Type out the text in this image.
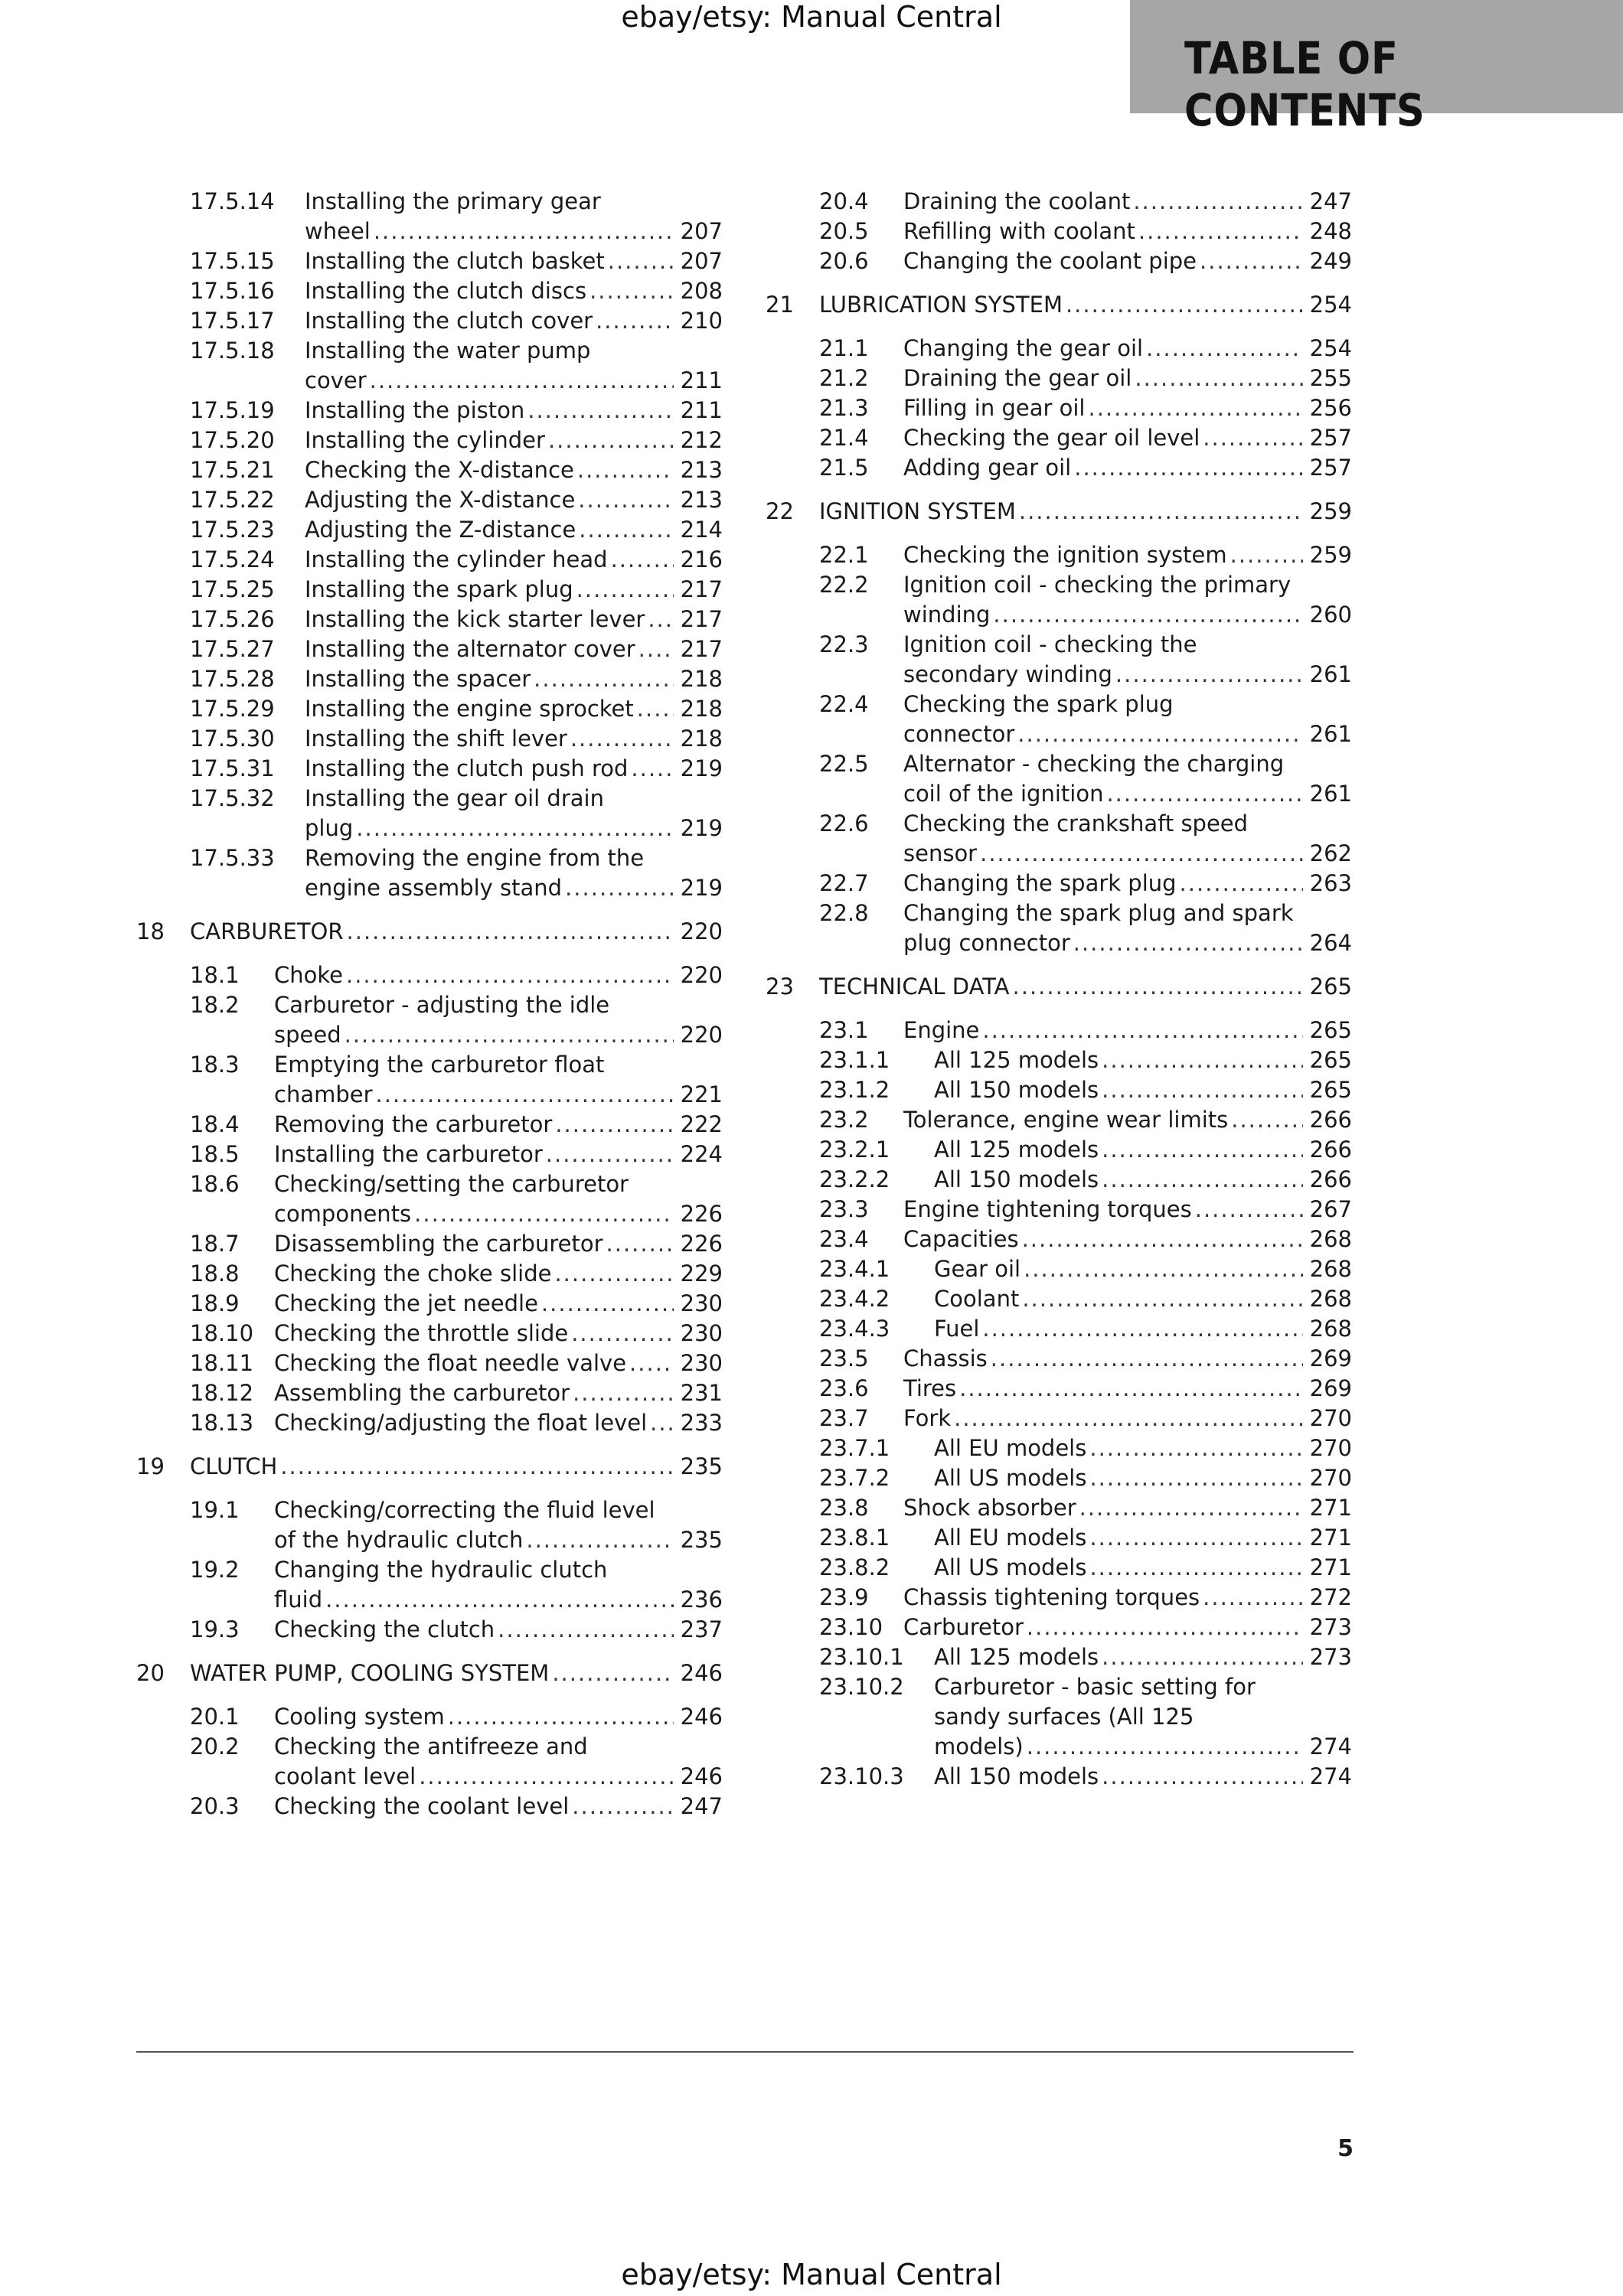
ebay/etsy: Manual Central
TABLE OF CONTENTS
17.5.14 Installing the primary gear
wheel .....	207
17.5.15 Installing the clutch basket .....	207
17.5.16 Installing the clutch discs .....	208
17.5.17 Installing the clutch cover .....	210
17.5.18 Installing the water pump
cover .....	211
17.5.19 Installing the piston .....	211
17.5.20 Installing the cylinder .....	212
17.5.21 Checking the X-distance .....	213
17.5.22 Adjusting the X-distance .....	213
17.5.23 Adjusting the Z-distance .....	214
17.5.24 Installing the cylinder head .....	216
17.5.25 Installing the spark plug .....	217
17.5.26 Installing the kick starter lever ..... 217
17.5.27 Installing the alternator cover ..... 217
17.5.28 Installing the spacer .....	218
17.5.29 Installing the engine sprocket ..... 218
17.5.30 Installing the shift lever .....	218
17.5.31 Installing the clutch push rod ..... 219
17.5.32 Installing the gear oil drain
plug .....	219
17.5.33 Removing the engine from the
engine assembly stand .....	219
18 CARBURETOR .....	220
18.1 Choke .....	220
18.2 Carburetor - adjusting the idle
speed .....	220
18.3 Emptying the carburetor float
chamber .....	221
18.4 Removing the carburetor .....	222
18.5 Installing the carburetor .....	224
18.6 Checking/setting the carburetor
components .....	226
18.7 Disassembling the carburetor .....	226
18.8 Checking the choke slide .....	229
18.9 Checking the jet needle .....	230
18.10 Checking the throttle slide .....	230
18.11 Checking the float needle valve ..... 230
18.12 Assembling the carburetor .....	231
18.13 Checking/adjusting the float level ..... 233
19 CLUTCH .....	235
19.1 Checking/correcting the fluid level
of the hydraulic clutch .....	235
19.2 Changing the hydraulic clutch
fluid .....	236
19.3 Checking the clutch .....	237
20 WATER PUMP, COOLING SYSTEM .....	246
20.1 Cooling system .....	246
20.2 Checking the antifreeze and
coolant level .....	246
20.3 Checking the coolant level .....	247
20.4 Draining the coolant .....	247
20.5 Refilling with coolant .....	248
20.6 Changing the coolant pipe .....	249
21 LUBRICATION SYSTEM .....	254
21.1 Changing the gear oil .....	254
21.2 Draining the gear oil .....	255
21.3 Filling in gear oil .....	256
21.4 Checking the gear oil level .....	257
21.5 Adding gear oil .....	257
22 IGNITION SYSTEM .....	259
22.1 Checking the ignition system .....	259
22.2 Ignition coil - checking the primary
winding .....	260
22.3 Ignition coil - checking the
secondary winding .....	261
22.4 Checking the spark plug
connector .....	261
22.5 Alternator - checking the charging
coil of the ignition .....	261
22.6 Checking the crankshaft speed
sensor .....	262
22.7 Changing the spark plug .....	263
22.8 Changing the spark plug and spark
plug connector .....	264
23 TECHNICAL DATA .....	265
23.1 Engine .....	265
23.1.1 All 125 models .....	265
23.1.2 All 150 models .....	265
23.2 Tolerance, engine wear limits .....	266
23.2.1 All 125 models .....	266
23.2.2 All 150 models .....	266
23.3 Engine tightening torques .....	267
23.4 Capacities .....	268
23.4.1 Gear oil .....	268
23.4.2 Coolant .....	268
23.4.3 Fuel .....	268
23.5 Chassis .....	269
23.6 Tires .....	269
23.7 Fork .....	270
23.7.1 All EU models .....	270
23.7.2 All US models .....	270
23.8 Shock absorber .....	271
23.8.1 All EU models .....	271
23.8.2 All US models .....	271
23.9 Chassis tightening torques .....	272
23.10 Carburetor .....	273
23.10.1 All 125 models .....	273
23.10.2 Carburetor - basic setting for
sandy surfaces (All 125
models) .....	274
23.10.3 All 150 models .....	274
5
ebay/etsy: Manual Central
